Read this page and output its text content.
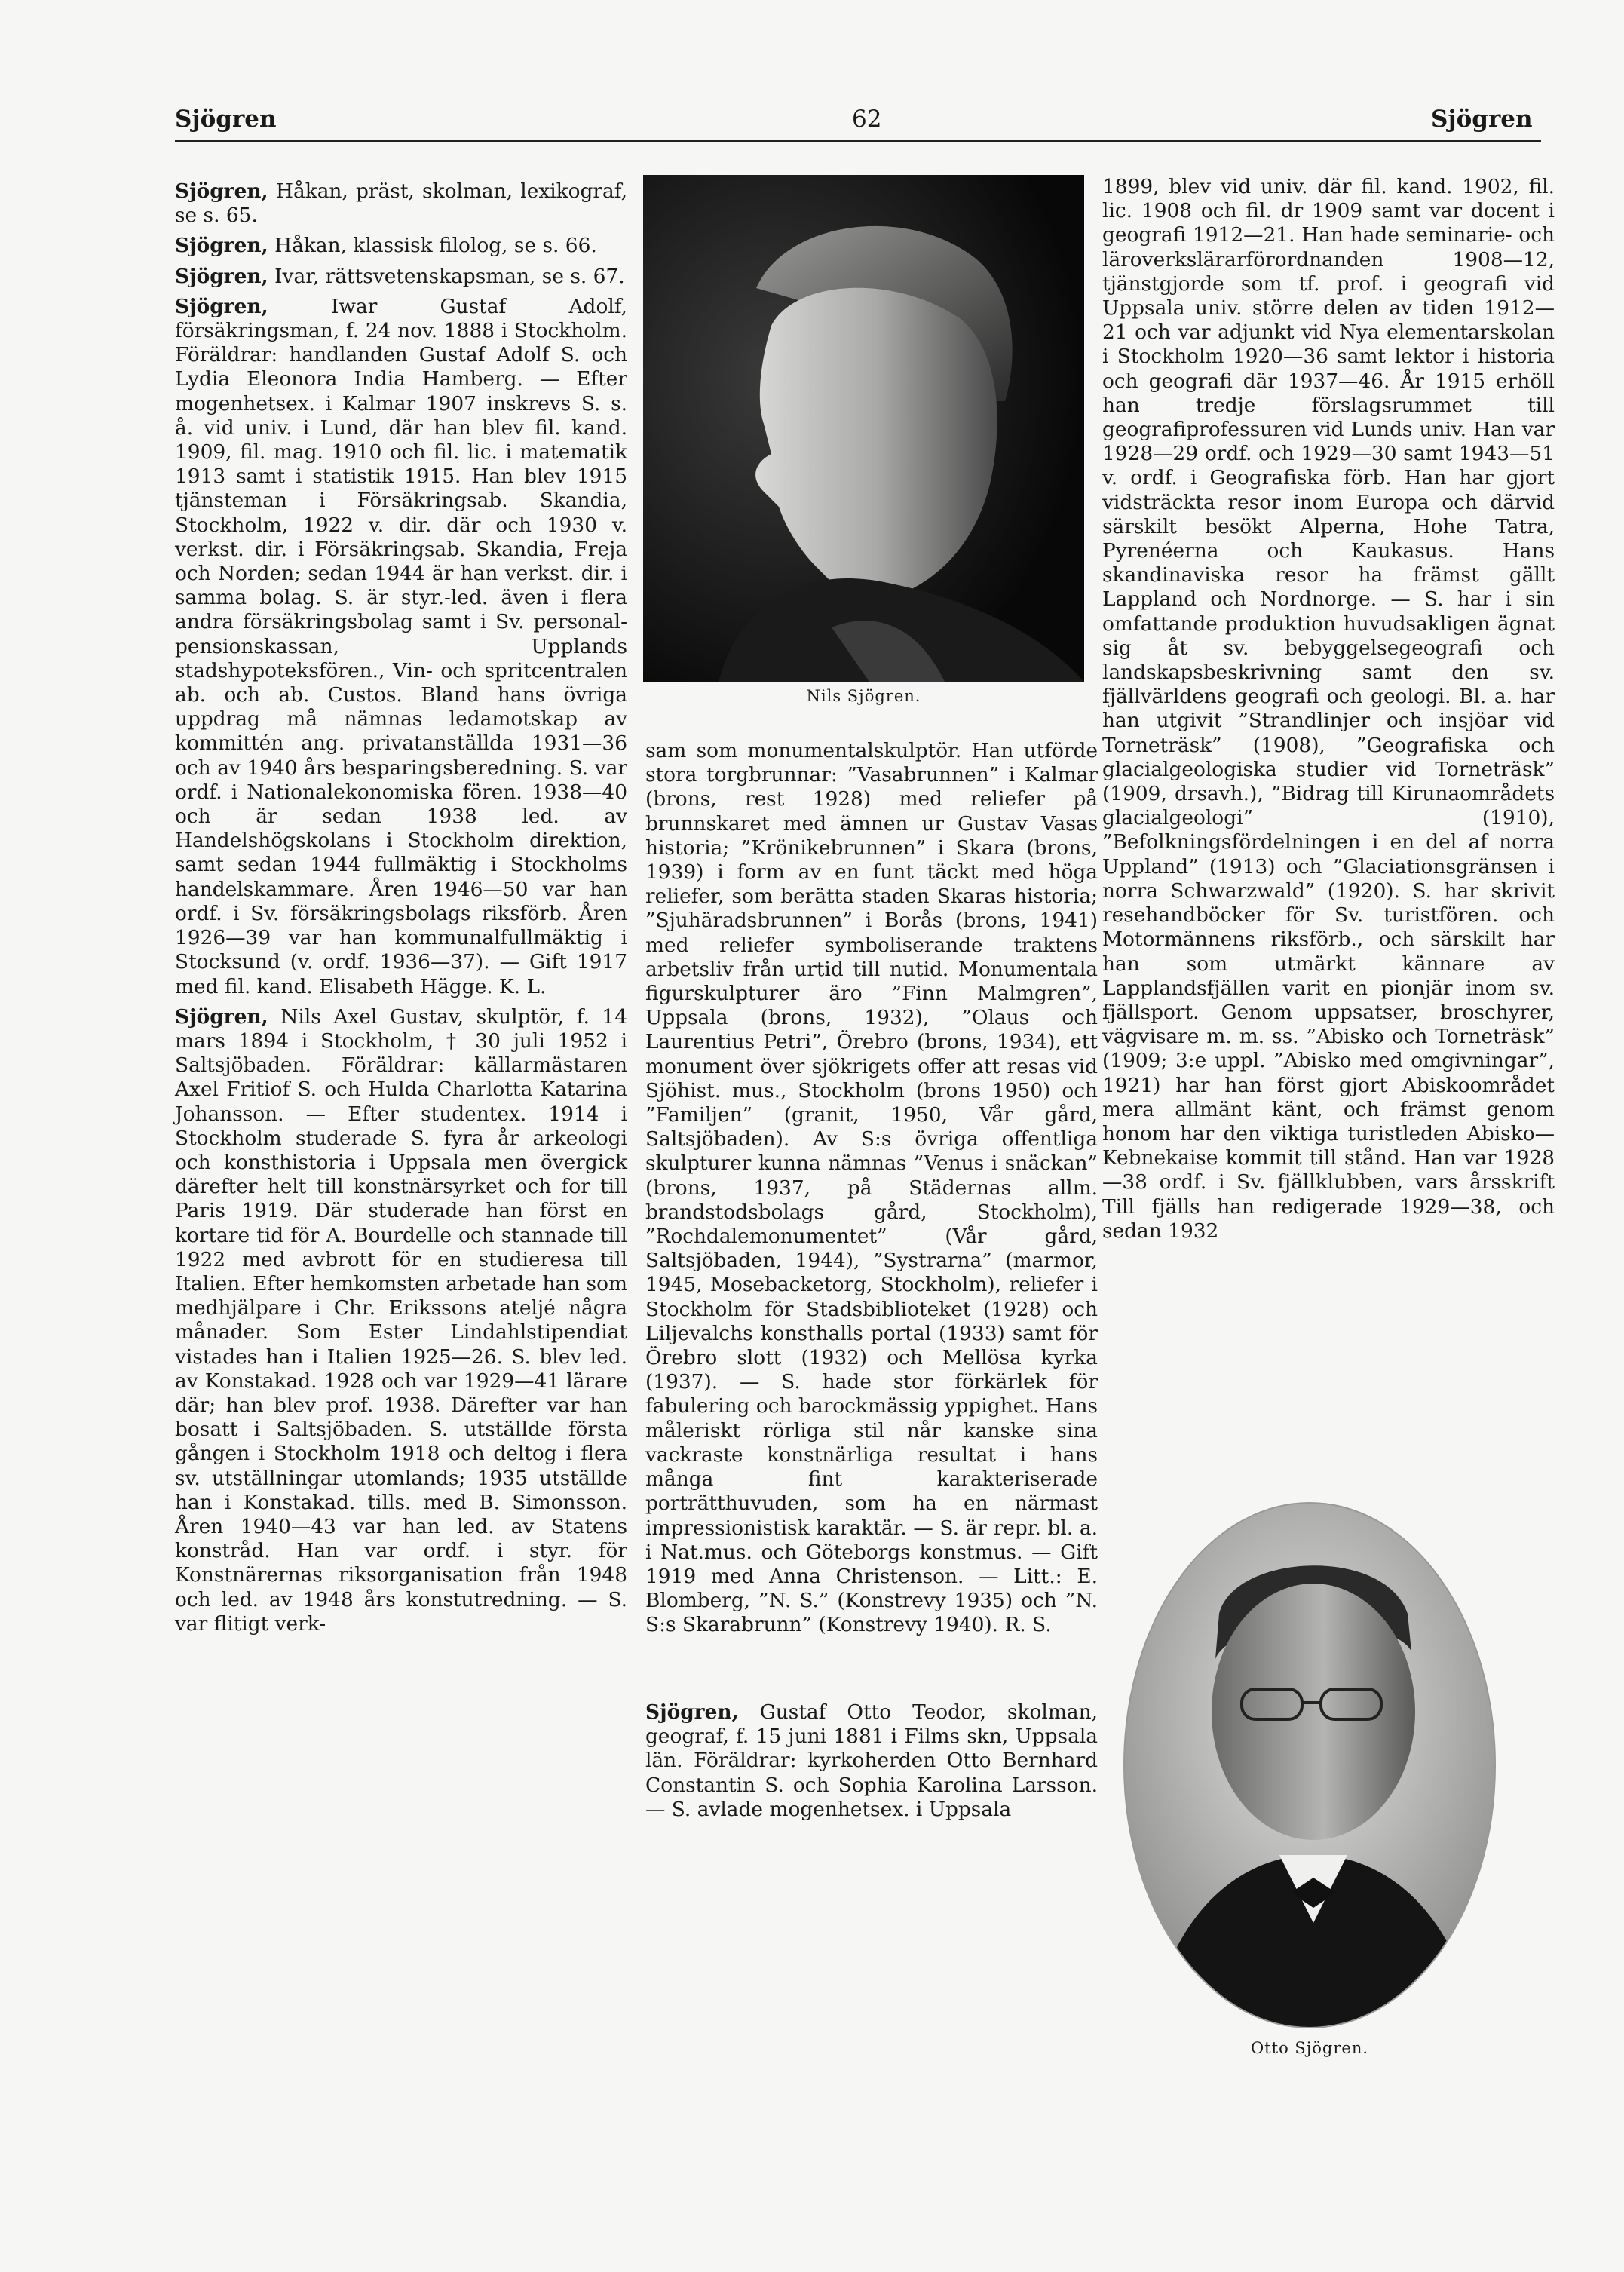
Sjögren	62	Sjögren

Sjögren, Håkan, präst, skolman, lexikograf, se s. 65.

Sjögren, Håkan, klassisk filolog, se s. 66.

Sjögren, Ivar, rättsvetenskapsman, se s. 67.

Sjögren, Iwar Gustaf Adolf, försäkringsman, f. 24 nov. 1888 i Stockholm. Föräldrar: handlanden Gustaf Adolf S. och Lydia Eleonora India Hamberg. — Efter mogenhetsex. i Kalmar 1907 inskrevs S. s. å. vid univ. i Lund, där han blev fil. kand. 1909, fil. mag. 1910 och fil. lic. i matematik 1913 samt i statistik 1915. Han blev 1915 tjänsteman i Försäkringsab. Skandia, Stockholm, 1922 v. dir. där och 1930 v. verkst. dir. i Försäkringsab. Skandia, Freja och Norden; sedan 1944 är han verkst. dir. i samma bolag. S. är styr.-led. även i flera andra försäkringsbolag samt i Sv. personal-pensionskassan, Upplands stadshypoteksfören., Vin- och spritcentralen ab. och ab. Custos. Bland hans övriga uppdrag må nämnas ledamotskap av kommittén ang. privatanställda 1931—36 och av 1940 års besparingsberedning. S. var ordf. i Nationalekonomiska fören. 1938—40 och är sedan 1938 led. av Handelshögskolans i Stockholm direktion, samt sedan 1944 fullmäktig i Stockholms handelskammare. Åren 1946—50 var han ordf. i Sv. försäkringsbolags riksförb. Åren 1926—39 var han kommunalfullmäktig i Stocksund (v. ordf. 1936—37). — Gift 1917 med fil. kand. Elisabeth Hägge. K. L.

Sjögren, Nils Axel Gustav, skulptör, f. 14 mars 1894 i Stockholm, † 30 juli 1952 i Saltsjöbaden. Föräldrar: källarmästaren Axel Fritiof S. och Hulda Charlotta Katarina Johansson. — Efter studentex. 1914 i Stockholm studerade S. fyra år arkeologi och konsthistoria i Uppsala men övergick därefter helt till konstnärsyrket och for till Paris 1919. Där studerade han först en kortare tid för A. Bourdelle och stannade till 1922 med avbrott för en studieresa till Italien. Efter hemkomsten arbetade han som medhjälpare i Chr. Erikssons ateljé några månader. Som Ester Lindahlstipendiat vistades han i Italien 1925—26. S. blev led. av Konstakad. 1928 och var 1929—41 lärare där; han blev prof. 1938. Därefter var han bosatt i Saltsjöbaden. S. utställde första gången i Stockholm 1918 och deltog i flera sv. utställningar utomlands; 1935 utställde han i Konstakad. tills. med B. Simonsson. Åren 1940—43 var han led. av Statens konstråd. Han var ordf. i styr. för Konstnärernas riksorganisation från 1948 och led. av 1948 års konstutredning. — S. var flitigt verk-

Nils Sjögren.

sam som monumentalskulptör. Han utförde stora torgbrunnar: ”Vasabrunnen” i Kalmar (brons, rest 1928) med reliefer på brunnskaret med ämnen ur Gustav Vasas historia; ”Krönikebrunnen” i Skara (brons, 1939) i form av en funt täckt med höga reliefer, som berätta staden Skaras historia; ”Sjuhäradsbrunnen” i Borås (brons, 1941) med reliefer symboliserande traktens arbetsliv från urtid till nutid. Monumentala figurskulpturer äro ”Finn Malmgren”, Uppsala (brons, 1932), ”Olaus och Laurentius Petri”, Örebro (brons, 1934), ett monument över sjökrigets offer att resas vid Sjöhist. mus., Stockholm (brons 1950) och ”Familjen” (granit, 1950, Vår gård, Saltsjöbaden). Av S:s övriga offentliga skulpturer kunna nämnas ”Venus i snäckan” (brons, 1937, på Städernas allm. brandstodsbolags gård, Stockholm), ”Rochdalemonumentet” (Vår gård, Saltsjöbaden, 1944), ”Systrarna” (marmor, 1945, Mosebacketorg, Stockholm), reliefer i Stockholm för Stadsbiblioteket (1928) och Liljevalchs konsthalls portal (1933) samt för Örebro slott (1932) och Mellösa kyrka (1937). — S. hade stor förkärlek för fabulering och barockmässig yppighet. Hans måleriskt rörliga stil når kanske sina vackraste konstnärliga resultat i hans många fint karakteriserade porträtthuvuden, som ha en närmast impressionistisk karaktär. — S. är repr. bl. a. i Nat.mus. och Göteborgs konstmus. — Gift 1919 med Anna Christenson. — Litt.: E. Blomberg, ”N. S.” (Konstrevy 1935) och ”N. S:s Skarabrunn” (Konstrevy 1940). R. S.

Sjögren, Gustaf Otto Teodor, skolman, geograf, f. 15 juni 1881 i Films skn, Uppsala län. Föräldrar: kyrkoherden Otto Bernhard Constantin S. och Sophia Karolina Larsson. — S. avlade mogenhetsex. i Uppsala

1899, blev vid univ. där fil. kand. 1902, fil. lic. 1908 och fil. dr 1909 samt var docent i geografi 1912—21. Han hade seminarie- och läroverkslärarförordnanden 1908—12, tjänstgjorde som tf. prof. i geografi vid Uppsala univ. större delen av tiden 1912—21 och var adjunkt vid Nya elementarskolan i Stockholm 1920—36 samt lektor i historia och geografi där 1937—46. År 1915 erhöll han tredje förslagsrummet till geografiprofessuren vid Lunds univ. Han var 1928—29 ordf. och 1929—30 samt 1943—51 v. ordf. i Geografiska förb. Han har gjort vidsträckta resor inom Europa och därvid särskilt besökt Alperna, Hohe Tatra, Pyrenéerna och Kaukasus. Hans skandinaviska resor ha främst gällt Lappland och Nordnorge. — S. har i sin omfattande produktion huvudsakligen ägnat sig åt sv. bebyggelsegeografi och landskapsbeskrivning samt den sv. fjällvärldens geografi och geologi. Bl. a. har han utgivit ”Strandlinjer och insjöar vid Torneträsk” (1908), ”Geografiska och glacialgeologiska studier vid Torneträsk” (1909, drsavh.), ”Bidrag till Kirunaområdets glacialgeologi” (1910), ”Befolkningsfördelningen i en del af norra Uppland” (1913) och ”Glaciationsgränsen i norra Schwarzwald” (1920). S. har skrivit resehandböcker för Sv. turistfören. och Motormännens riksförb., och särskilt har han som utmärkt kännare av Lapplandsfjällen varit en pionjär inom sv. fjällsport. Genom uppsatser, broschyrer, vägvisare m. m. ss. ”Abisko och Torneträsk” (1909; 3:e uppl. ”Abisko med omgivningar”, 1921) har han först gjort Abiskoområdet mera allmänt känt, och främst genom honom har den viktiga turistleden Abisko—Kebnekaise kommit till stånd. Han var 1928—38 ordf. i Sv. fjällklubben, vars årsskrift Till fjälls han redigerade 1929—38, och sedan 1932

Otto Sjögren.
